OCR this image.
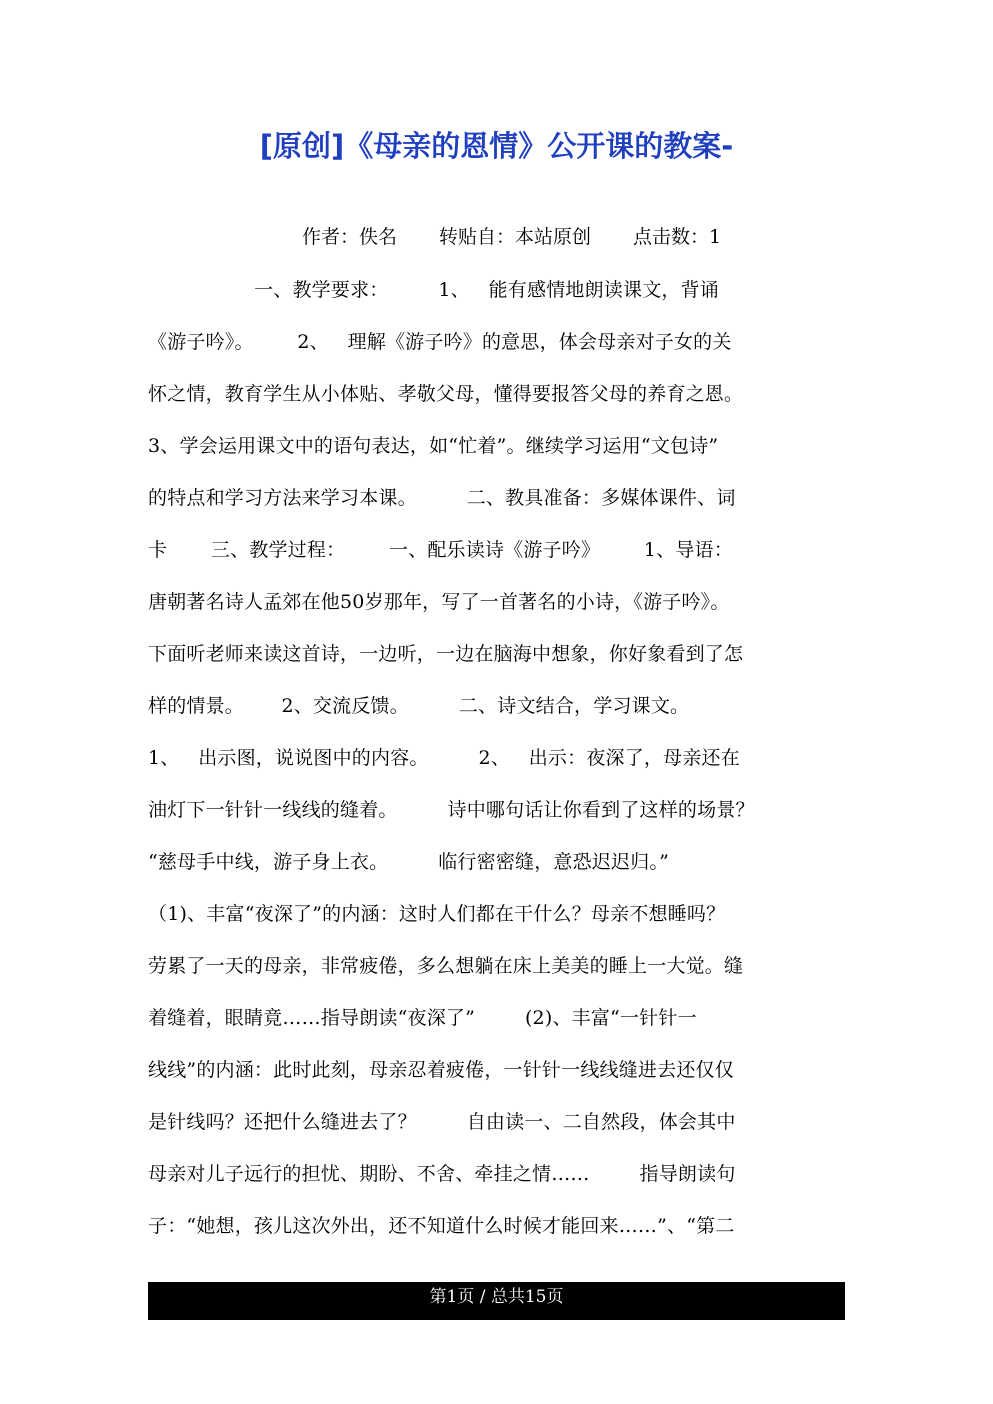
[原创]《母亲的恩情》公开课的教案-
作者：佚名 转贴自：本站原创 点击数：1
一、教学要求：        1、   能有感情地朗读课文，背诵
《游子吟》。       2、   理解《游子吟》的意思，体会母亲对子女的关
怀之情，教育学生从小体贴、孝敬父母，懂得要报答父母的养育之恩。
3、学会运用课文中的语句表达，如“忙着”。继续学习运用“文包诗”
的特点和学习方法来学习本课。        二、教具准备：多媒体课件、词
卡       三、教学过程：       一、配乐读诗《游子吟》       1、导语：
唐朝著名诗人孟郊在他50岁那年，写了一首著名的小诗，《游子吟》。
下面听老师来读这首诗，一边听，一边在脑海中想象，你好象看到了怎
样的情景。      2、交流反馈。        二、诗文结合，学习课文。
1、   出示图，说说图中的内容。        2、   出示：夜深了，母亲还在
油灯下一针针一线线的缝着。        诗中哪句话让你看到了这样的场景？
“慈母手中线，游子身上衣。        临行密密缝，意恐迟迟归。”
（1)、丰富“夜深了”的内涵：这时人们都在干什么？母亲不想睡吗？
劳累了一天的母亲，非常疲倦，多么想躺在床上美美的睡上一大觉。缝
着缝着，眼睛竟……指导朗读“夜深了”        (2)、丰富“一针针一
线线”的内涵：此时此刻，母亲忍着疲倦，一针针一线线缝进去还仅仅
是针线吗？还把什么缝进去了？        自由读一、二自然段，体会其中
母亲对儿子远行的担忧、期盼、不舍、牵挂之情……        指导朗读句
子：“她想，孩儿这次外出，还不知道什么时候才能回来……”、“第二
第1页 / 总共15页
